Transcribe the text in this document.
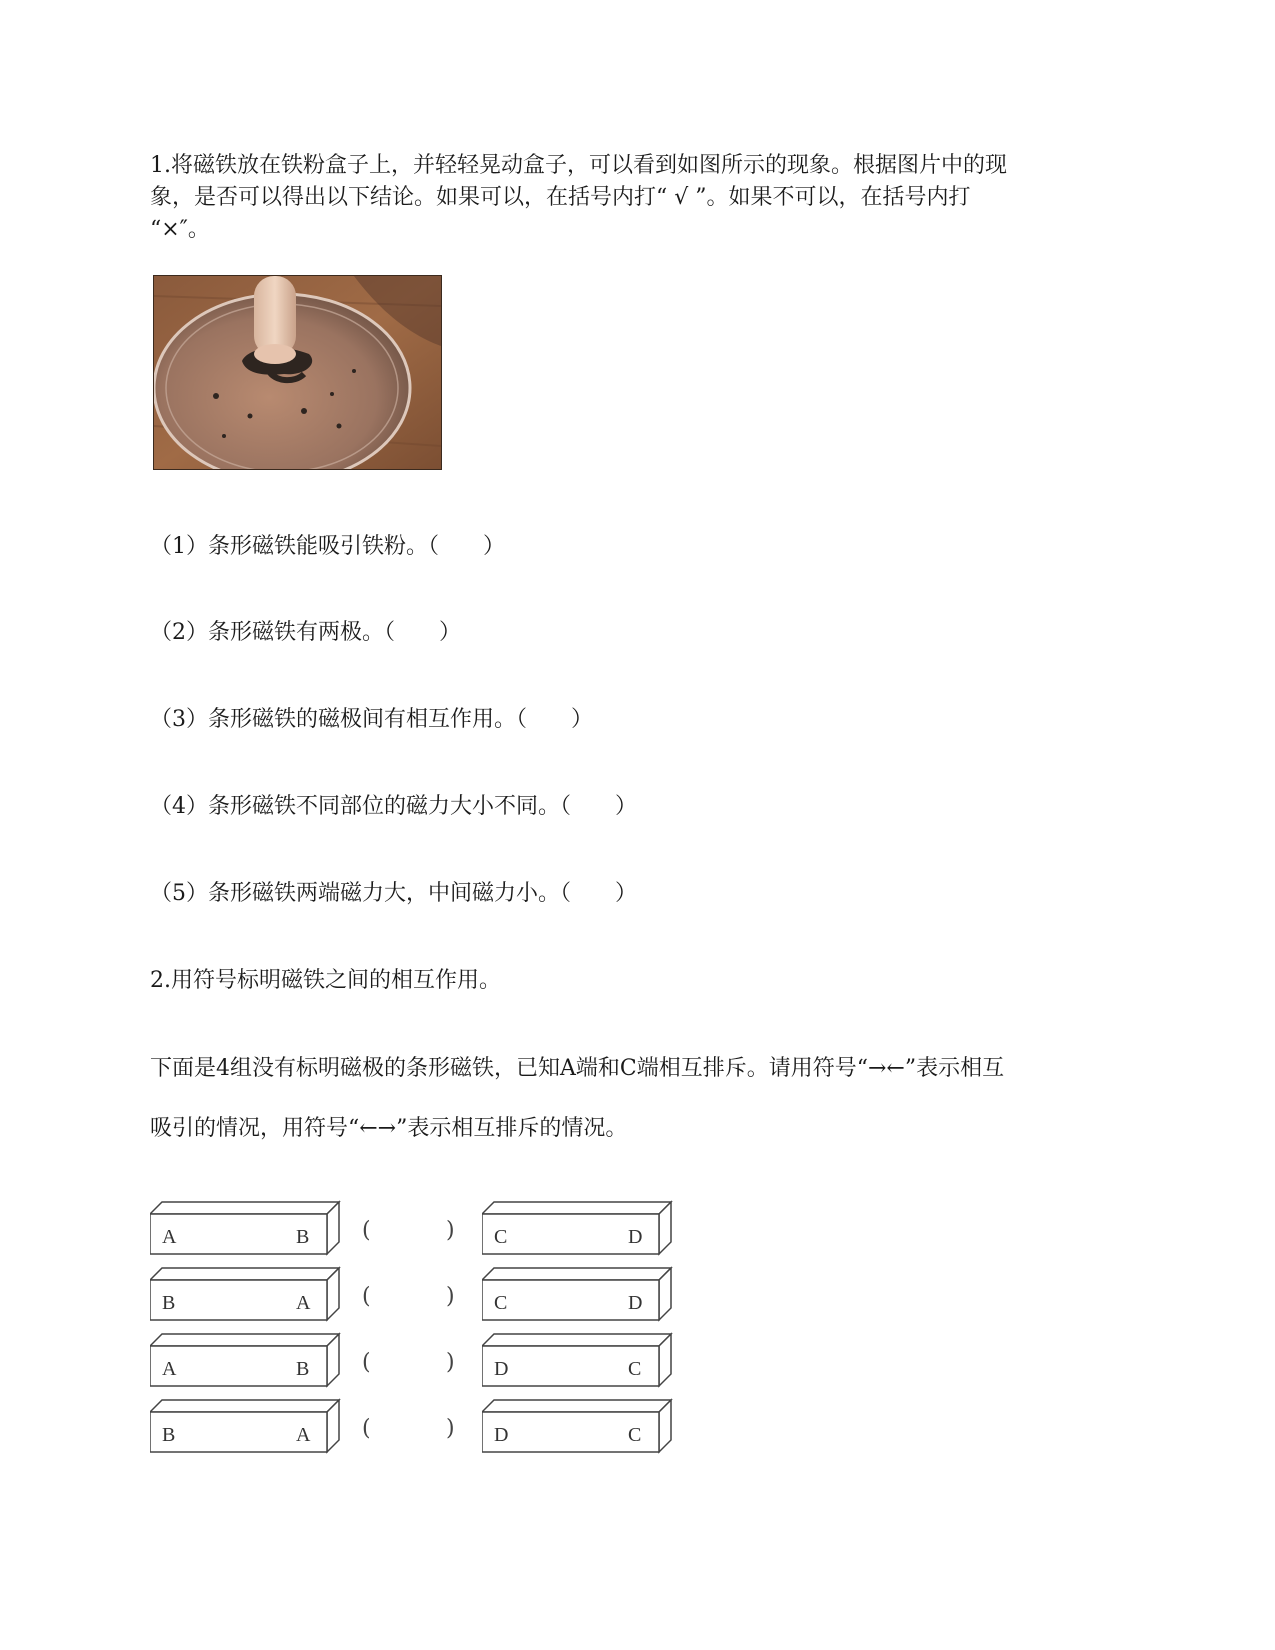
1.将磁铁放在铁粉盒子上，并轻轻晃动盒子，可以看到如图所示的现象。根据图片中的现
象，是否可以得出以下结论。如果可以，在括号内打“ √ ”。如果不可以，在括号内打
“×″。
（1）条形磁铁能吸引铁粉。（　　）
（2）条形磁铁有两极。（　　）
（3）条形磁铁的磁极间有相互作用。（　　）
（4）条形磁铁不同部位的磁力大小不同。（　　）
（5）条形磁铁两端磁力大，中间磁力小。（　　）
2.用符号标明磁铁之间的相互作用。
下面是4组没有标明磁极的条形磁铁，已知A端和C端相互排斥。请用符号“→←”表示相互
吸引的情况，用符号“←→”表示相互排斥的情况。
A	B (	) C	D
B	A (	) C	D
A	B (	) D	C
B	A (	) D	C
